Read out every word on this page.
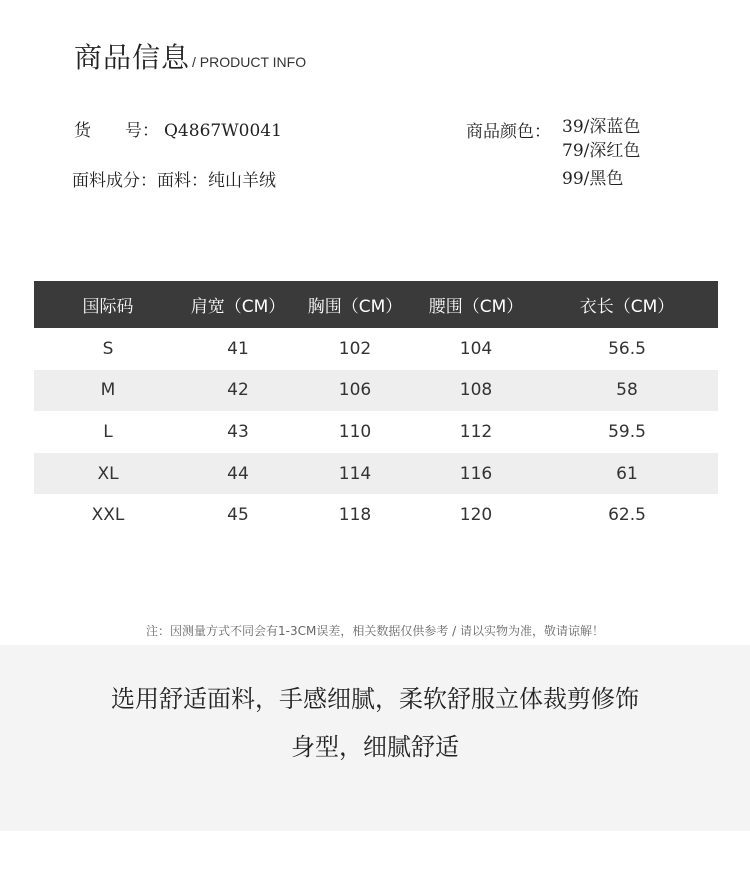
商品信息 / PRODUCT INFO
货　　号： Q4867W0041
面料成分：面料：纯山羊绒
商品颜色： 39/深蓝色
79/深红色
99/黑色
国际码	肩宽（CM）	胸围（CM）	腰围（CM）	衣长（CM）
S	41	102	104	56.5
M	42	106	108	58
L	43	110	112	59.5
XL	44	114	116	61
XXL	45	118	120	62.5
注：因测量方式不同会有1-3CM误差，相关数据仅供参考 / 请以实物为准，敬请谅解！
选用舒适面料，手感细腻，柔软舒服立体裁剪修饰
身型，细腻舒适
